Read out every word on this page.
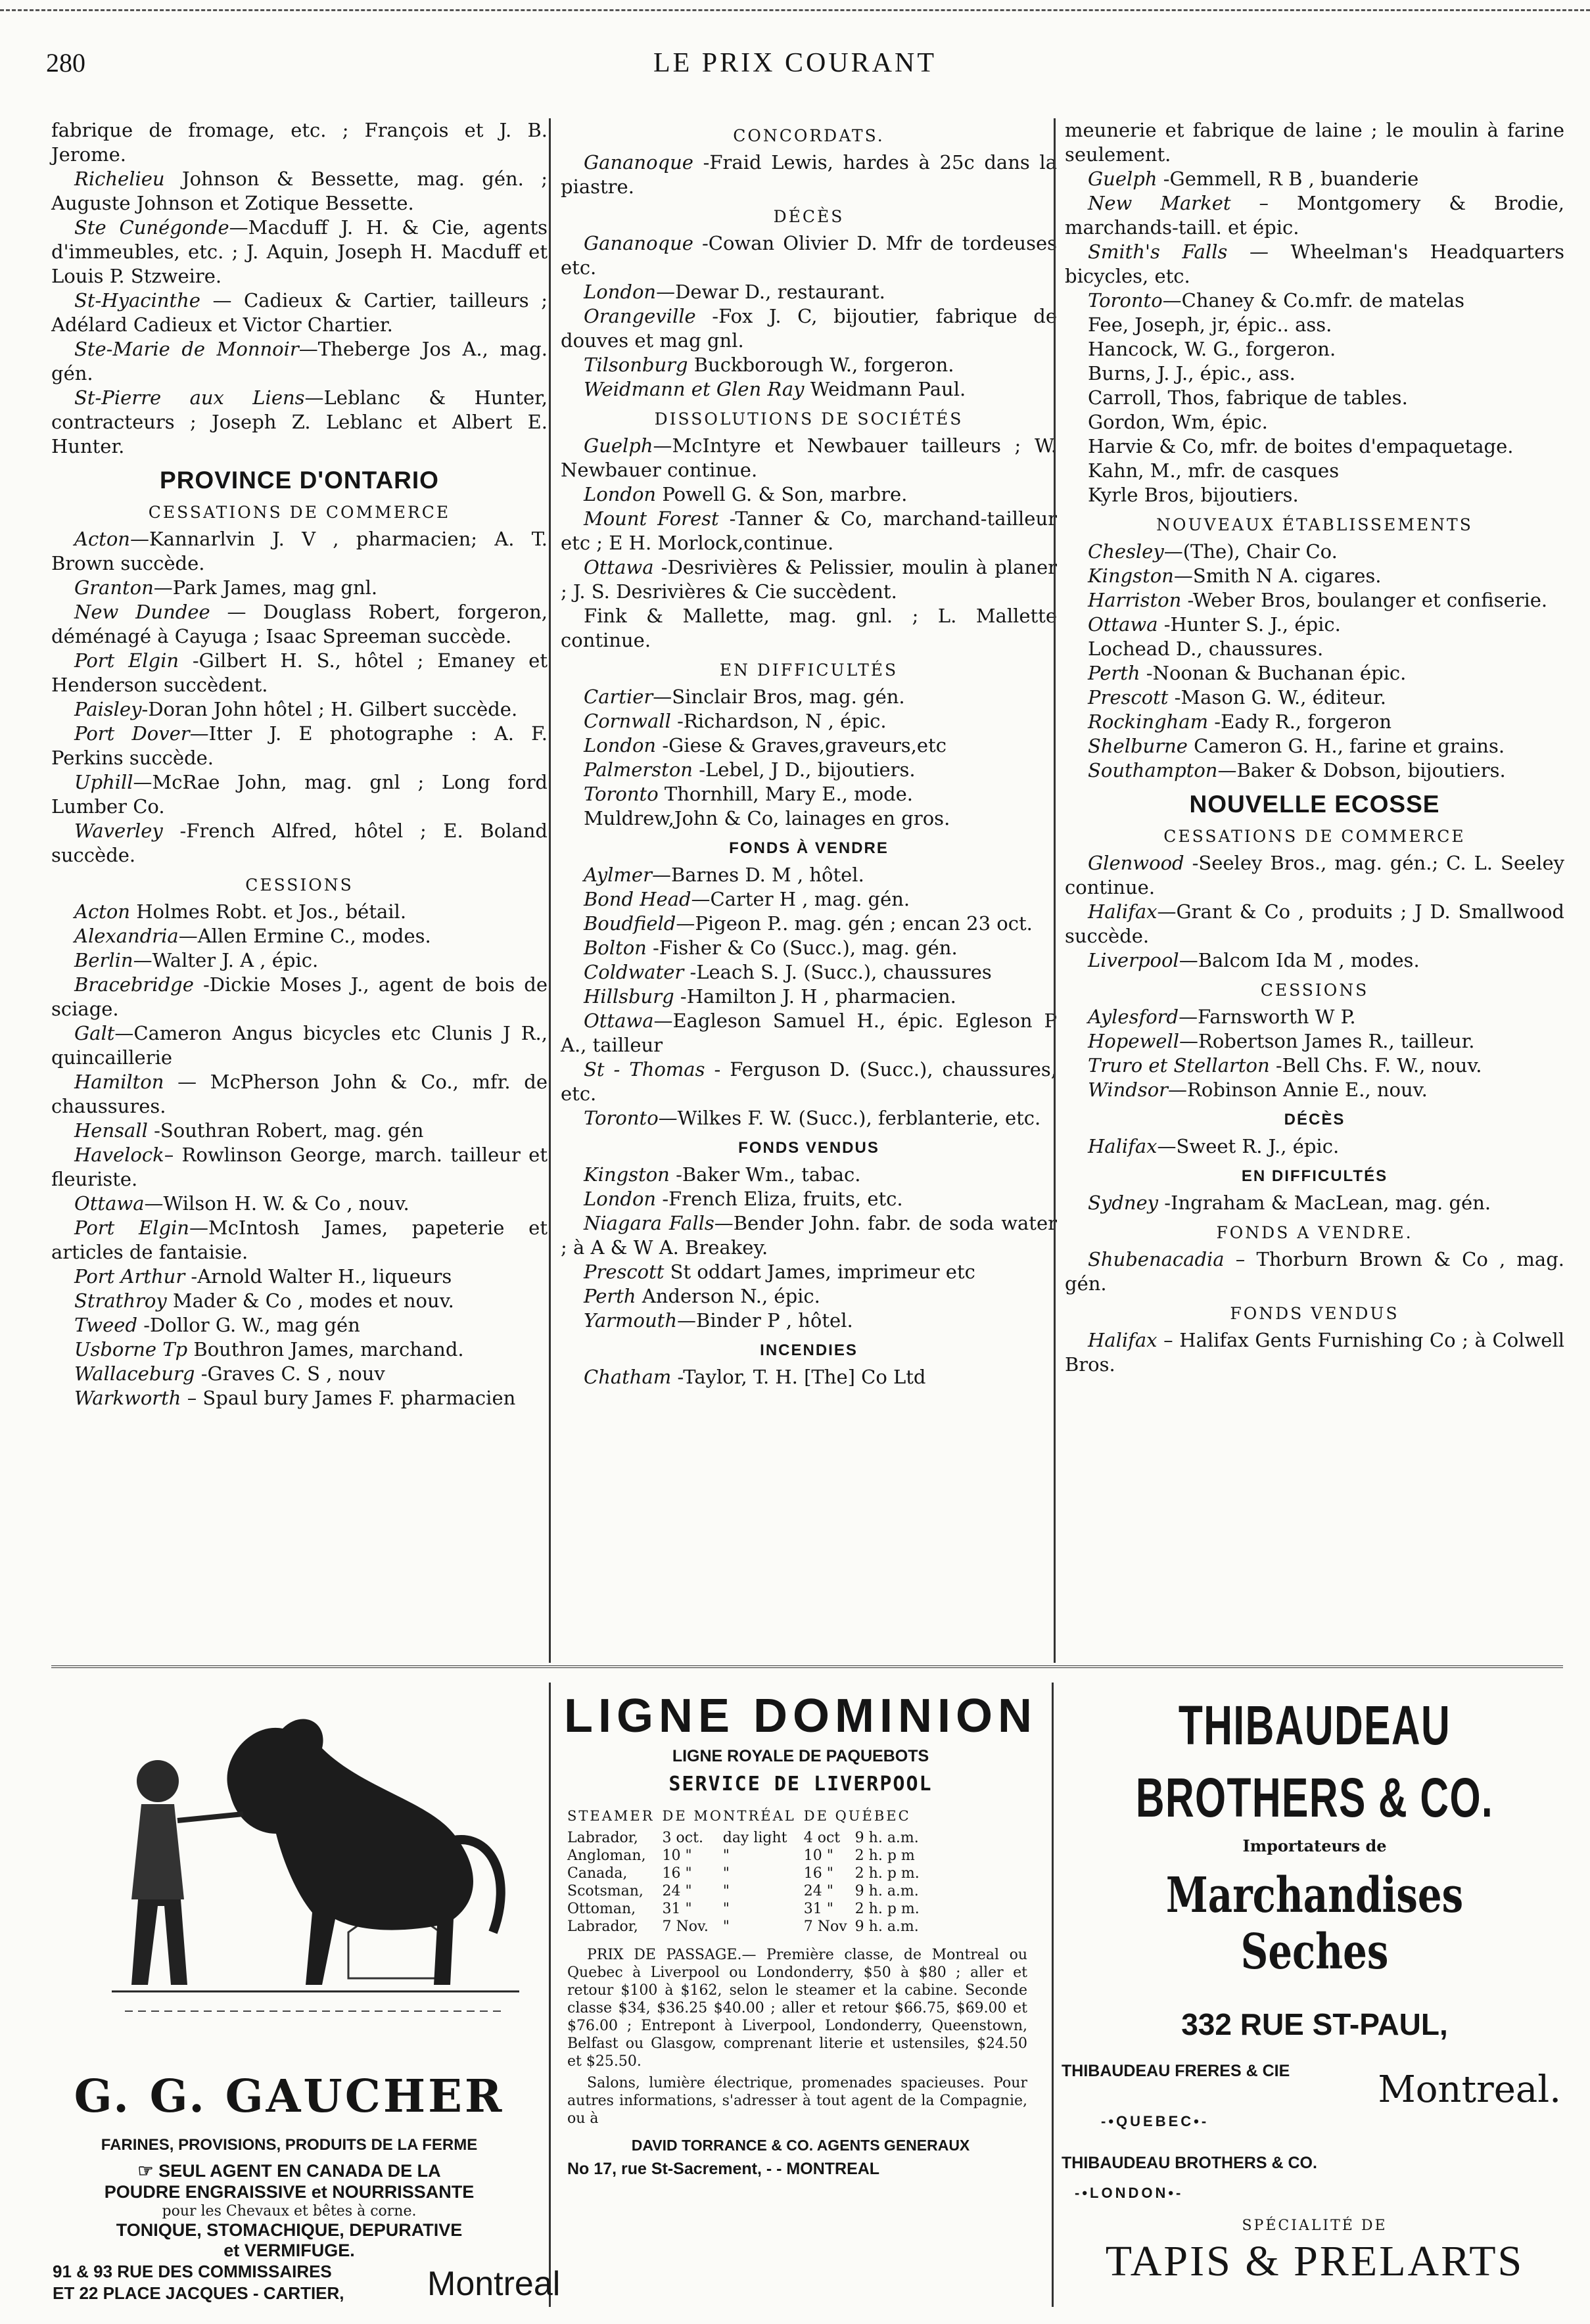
280	LE PRIX COURANT

fabrique de fromage, etc. ; François et J. B. Jerome.

Richelieu Johnson & Bessette, mag. gén. ; Auguste Johnson et Zotique Bessette.

Ste Cunégonde—Macduff J. H. & Cie, agents d'immeubles, etc. ; J. Aquin, Joseph H. Macduff et Louis P. Stzweire.

St-Hyacinthe — Cadieux & Cartier, tailleurs ; Adélard Cadieux et Victor Chartier.

Ste-Marie de Monnoir—Theberge Jos A., mag. gén.

St-Pierre aux Liens—Leblanc & Hunter, contracteurs ; Joseph Z. Leblanc et Albert E. Hunter.

PROVINCE D'ONTARIO
CESSATIONS DE COMMERCE

Acton—Kannarlvin J. V , pharmacien; A. T. Brown succède.

Granton—Park James, mag gnl.

New Dundee — Douglass Robert, forgeron, déménagé à Cayuga ; Isaac Spreeman succède.

Port Elgin -Gilbert H. S., hôtel ; Emaney et Henderson succèdent.

Paisley-Doran John hôtel ; H. Gilbert succède.

Port Dover—Itter J. E photographe : A. F. Perkins succède.

Uphill—McRae John, mag. gnl ; Long ford Lumber Co.

Waverley -French Alfred, hôtel ; E. Boland succède.

CESSIONS

Acton Holmes Robt. et Jos., bétail.

Alexandria—Allen Ermine C., modes.

Berlin—Walter J. A , épic.

Bracebridge -Dickie Moses J., agent de bois de sciage.

Galt—Cameron Angus bicycles etc Clunis J R., quincaillerie

Hamilton — McPherson John & Co., mfr. de chaussures.

Hensall -Southran Robert, mag. gén

Havelock– Rowlinson George, march. tailleur et fleuriste.

Ottawa—Wilson H. W. & Co , nouv.

Port Elgin—McIntosh James, papeterie et articles de fantaisie.

Port Arthur -Arnold Walter H., liqueurs

Strathroy Mader & Co , modes et nouv.

Tweed -Dollor G. W., mag gén

Usborne Tp Bouthron James, marchand.

Wallaceburg -Graves C. S , nouv

Warkworth – Spaul bury James F. pharmacien

CONCORDATS.

Gananoque -Fraid Lewis, hardes à 25c dans la piastre.

DÉCÈS

Gananoque -Cowan Olivier D. Mfr de tordeuses etc.

London—Dewar D., restaurant.

Orangeville -Fox J. C, bijoutier, fabrique de douves et mag gnl.

Tilsonburg Buckborough W., forgeron.

Weidmann et Glen Ray Weidmann Paul.

DISSOLUTIONS DE SOCIÉTÉS

Guelph—McIntyre et Newbauer tailleurs ; W. Newbauer continue.

London Powell G. & Son, marbre.

Mount Forest -Tanner & Co, marchand-tailleur etc ; E H. Morlock,continue.

Ottawa -Desrivières & Pelissier, moulin à planer ; J. S. Desrivières & Cie succèdent.

Fink & Mallette, mag. gnl. ; L. Mallette continue.

EN DIFFICULTÉS

Cartier—Sinclair Bros, mag. gén.

Cornwall -Richardson, N , épic.

London -Giese & Graves,graveurs,etc

Palmerston -Lebel, J D., bijoutiers.

Toronto Thornhill, Mary E., mode.

Muldrew,John & Co, lainages en gros.

FONDS À VENDRE

Aylmer—Barnes D. M , hôtel.

Bond Head—Carter H , mag. gén.

Boudfield—Pigeon P.. mag. gén ; encan 23 oct.

Bolton -Fisher & Co (Succ.), mag. gén.

Coldwater -Leach S. J. (Succ.), chaussures

Hillsburg -Hamilton J. H , pharmacien.

Ottawa—Eagleson Samuel H., épic. Egleson P A., tailleur

St - Thomas - Ferguson D. (Succ.), chaussures, etc.

Toronto—Wilkes F. W. (Succ.), ferblanterie, etc.

FONDS VENDUS

Kingston -Baker Wm., tabac.

London -French Eliza, fruits, etc.

Niagara Falls—Bender John. fabr. de soda water ; à A & W A. Breakey.

Prescott St oddart James, imprimeur etc

Perth Anderson N., épic.

Yarmouth—Binder P , hôtel.

INCENDIES

Chatham -Taylor, T. H. [The] Co Ltd

meunerie et fabrique de laine ; le moulin à farine seulement.

Guelph -Gemmell, R B , buanderie

New Market – Montgomery & Brodie, marchands-taill. et épic.

Smith's Falls — Wheelman's Headquarters bicycles, etc.

Toronto—Chaney & Co.mfr. de matelas

Fee, Joseph, jr, épic.. ass.

Hancock, W. G., forgeron.

Burns, J. J., épic., ass.

Carroll, Thos, fabrique de tables.

Gordon, Wm, épic.

Harvie & Co, mfr. de boites d'empaquetage.

Kahn, M., mfr. de casques

Kyrle Bros, bijoutiers.

NOUVEAUX ÉTABLISSEMENTS

Chesley—(The), Chair Co.

Kingston—Smith N A. cigares.

Harriston -Weber Bros, boulanger et confiserie.

Ottawa -Hunter S. J., épic.

Lochead D., chaussures.

Perth -Noonan & Buchanan épic.

Prescott -Mason G. W., éditeur.

Rockingham -Eady R., forgeron

Shelburne Cameron G. H., farine et grains.

Southampton—Baker & Dobson, bijoutiers.

NOUVELLE ECOSSE
CESSATIONS DE COMMERCE

Glenwood -Seeley Bros., mag. gén.; C. L. Seeley continue.

Halifax—Grant & Co , produits ; J D. Smallwood succède.

Liverpool—Balcom Ida M , modes.

CESSIONS

Aylesford—Farnsworth W P.

Hopewell—Robertson James R., tailleur.

Truro et Stellarton -Bell Chs. F. W., nouv.

Windsor—Robinson Annie E., nouv.

DÉCÈS

Halifax—Sweet R. J., épic.

EN DIFFICULTÉS

Sydney -Ingraham & MacLean, mag. gén.

FONDS A VENDRE.

Shubenacadia – Thorburn Brown & Co , mag. gén.

FONDS VENDUS

Halifax – Halifax Gents Furnishing Co ; à Colwell Bros.

G. G. GAUCHER
FARINES, PROVISIONS, PRODUITS DE LA FERME
☞ SEUL AGENT EN CANADA DE LA
POUDRE ENGRAISSIVE et NOURRISSANTE
pour les Chevaux et bêtes à corne.
TONIQUE, STOMACHIQUE, DEPURATIVE et VERMIFUGE.
91 & 93 RUE DES COMMISSAIRES
ET 22 PLACE JACQUES - CARTIER, Montreal
LIGNE DOMINION
LIGNE ROYALE DE PAQUEBOTS
SERVICE DE LIVERPOOL
STEAMER	DE MONTRÉAL		DE QUÉBEC	
Labrador,	3 oct.	day light	4 oct	9 h. a.m.
Angloman,	10 "	"	10 "	2 h. p m
Canada,	16 "	"	16 "	2 h. p m.
Scotsman,	24 "	"	24 "	9 h. a.m.
Ottoman,	31 "	"	31 "	2 h. p m.
Labrador,	7 Nov.	"	7 Nov	9 h. a.m.
PRIX DE PASSAGE.— Première classe, de Montreal ou Quebec à Liverpool ou Londonderry, $50 à $80 ; aller et retour $100 à $162, selon le steamer et la cabine. Seconde classe $34, $36.25 $40.00 ; aller et retour $66.75, $69.00 et $76.00 ; Entrepont à Liverpool, Londonderry, Queenstown, Belfast ou Glasgow, comprenant literie et ustensiles, $24.50 et $25.50.
Salons, lumière électrique, promenades spacieuses. Pour autres informations, s'adresser à tout agent de la Compagnie, ou à
DAVID TORRANCE & CO. AGENTS GENERAUX
No 17, rue St-Sacrement, - - MONTREAL
THIBAUDEAU BROTHERS & CO.
Importateurs de
Marchandises Seches
332 RUE ST-PAUL,
THIBAUDEAU FRERES & CIE Montreal.
-•QUEBEC•-
THIBAUDEAU BROTHERS & CO.
-•LONDON•-
SPÉCIALITÉ DE
TAPIS & PRELARTS
